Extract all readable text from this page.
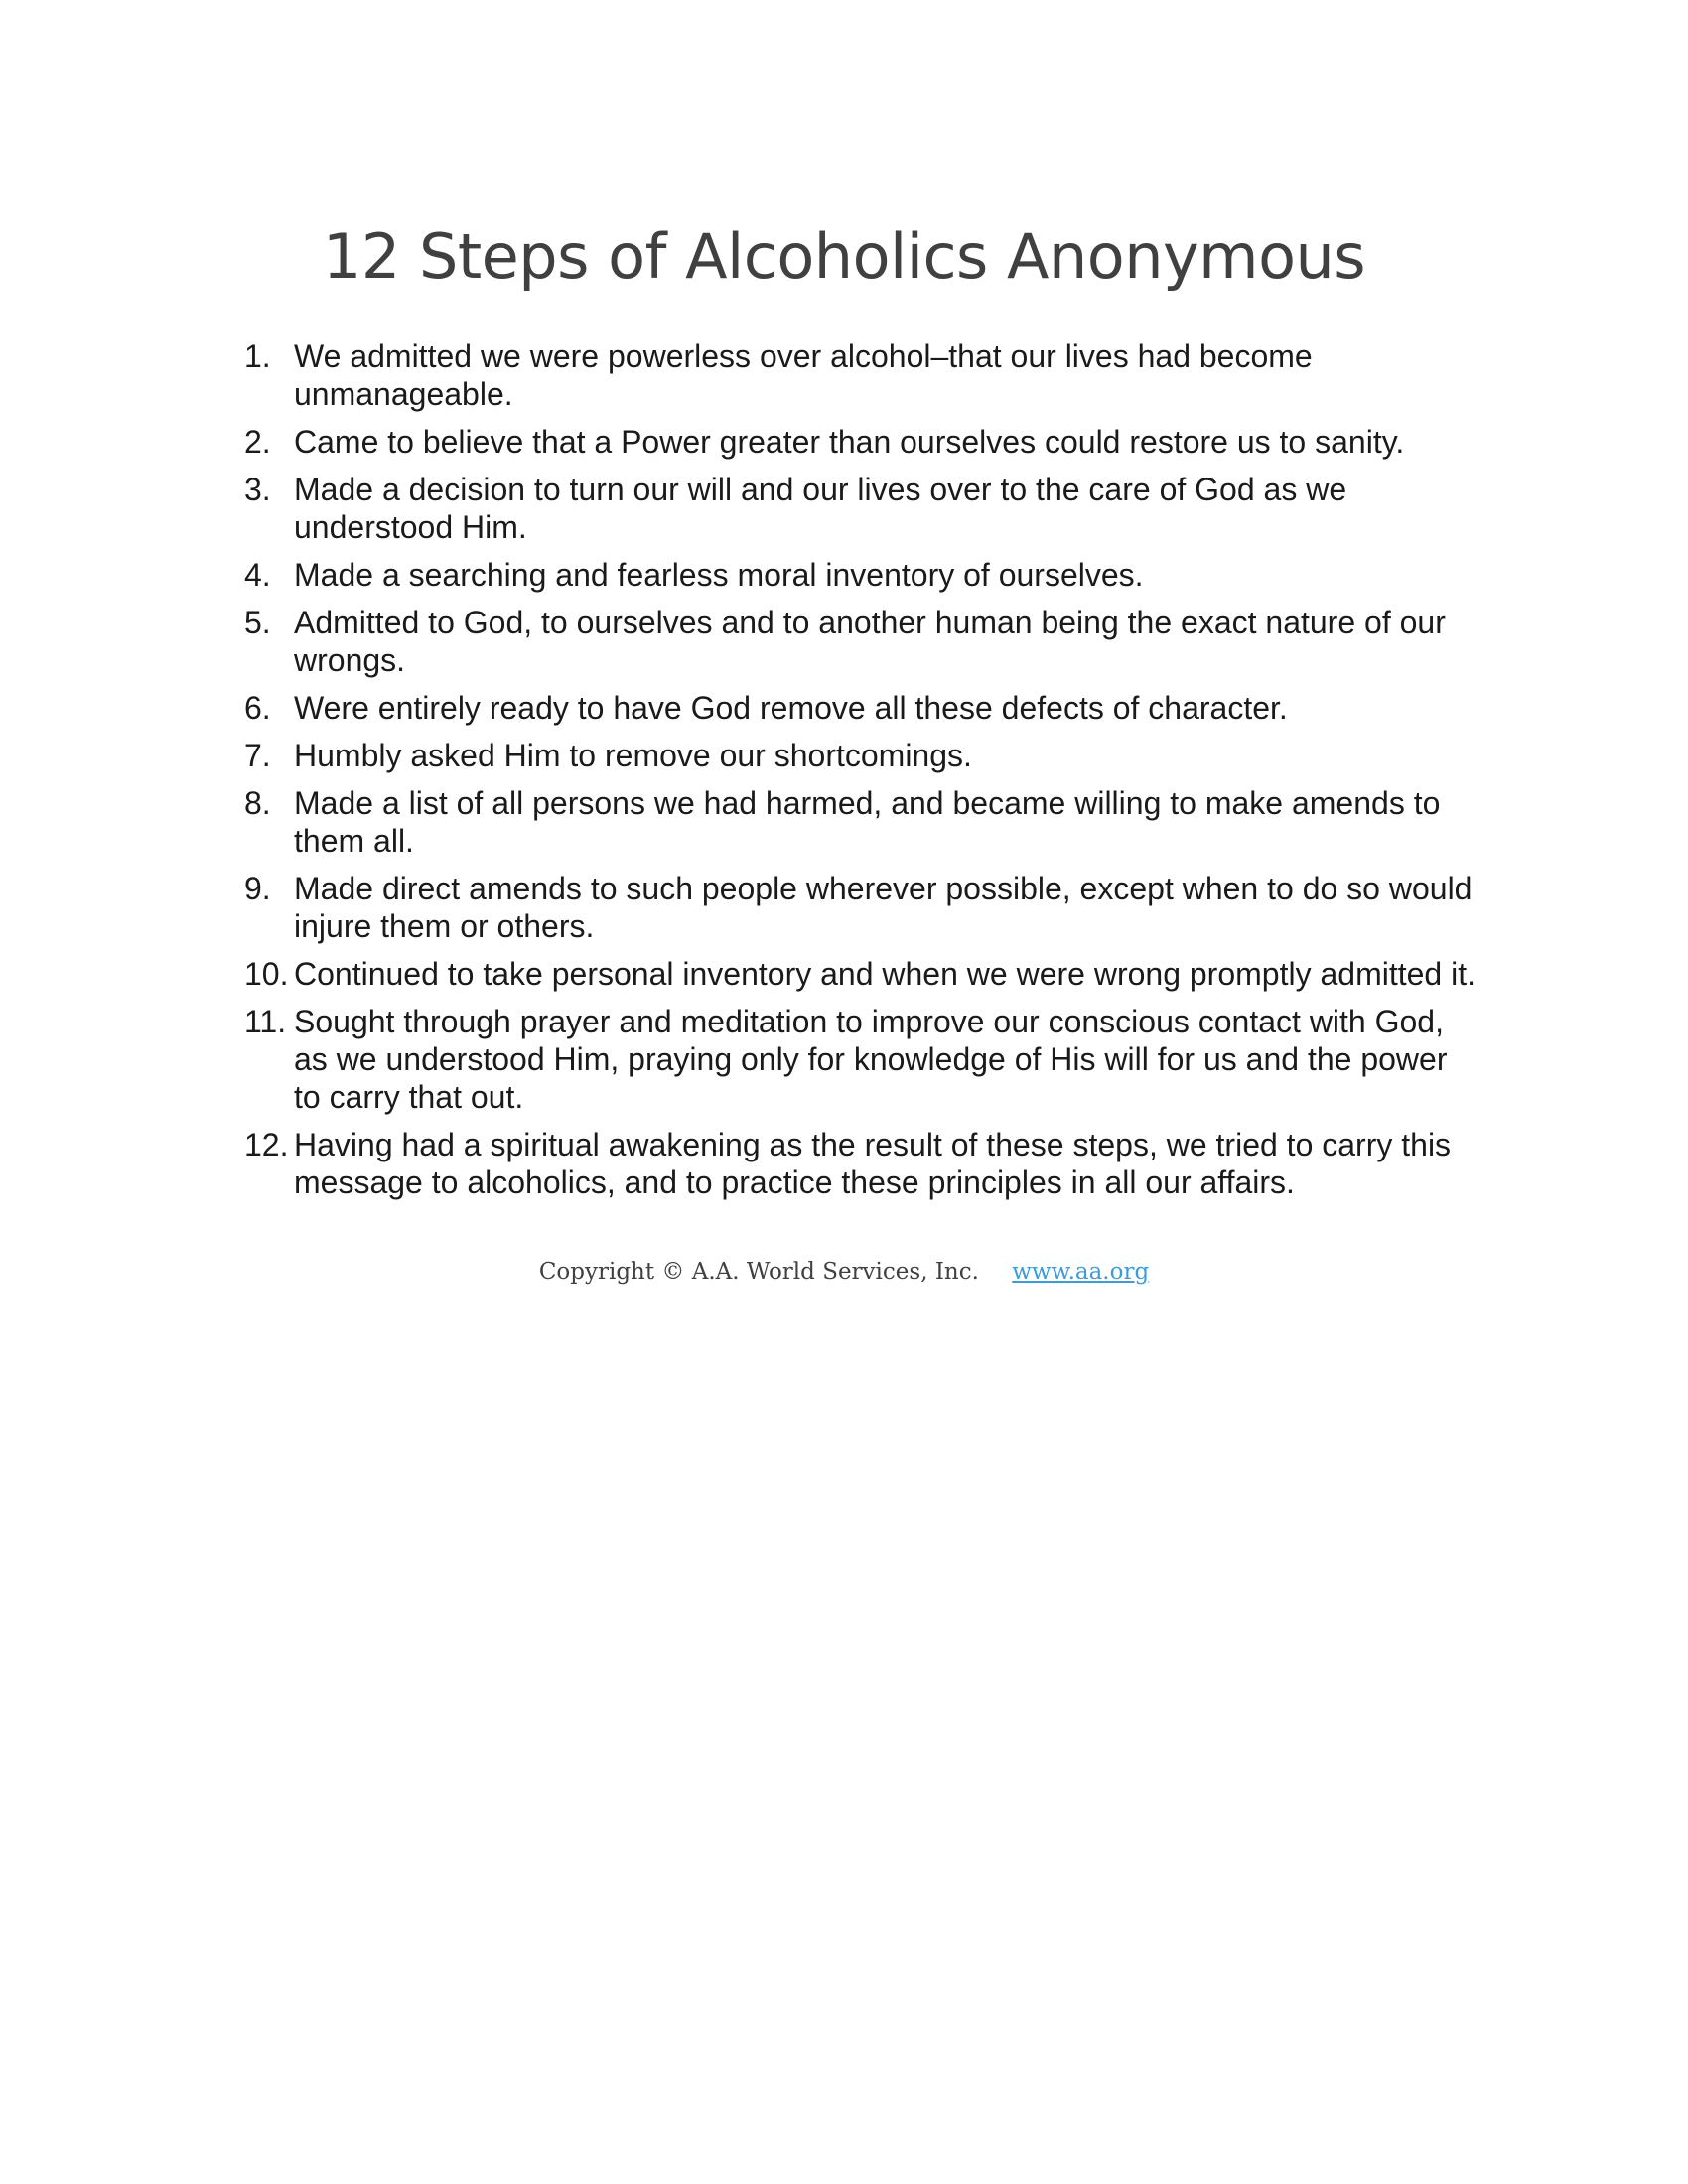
12 Steps of Alcoholics Anonymous
1. We admitted we were powerless over alcohol–that our lives had become unmanageable.
2. Came to believe that a Power greater than ourselves could restore us to sanity.
3. Made a decision to turn our will and our lives over to the care of God as we understood Him.
4. Made a searching and fearless moral inventory of ourselves.
5. Admitted to God, to ourselves and to another human being the exact nature of our wrongs.
6. Were entirely ready to have God remove all these defects of character.
7. Humbly asked Him to remove our shortcomings.
8. Made a list of all persons we had harmed, and became willing to make amends to them all.
9. Made direct amends to such people wherever possible, except when to do so would injure them or others.
10. Continued to take personal inventory and when we were wrong promptly admitted it.
11. Sought through prayer and meditation to improve our conscious contact with God, as we understood Him, praying only for knowledge of His will for us and the power to carry that out.
12. Having had a spiritual awakening as the result of these steps, we tried to carry this message to alcoholics, and to practice these principles in all our affairs.
Copyright © A.A. World Services, Inc. www.aa.org
